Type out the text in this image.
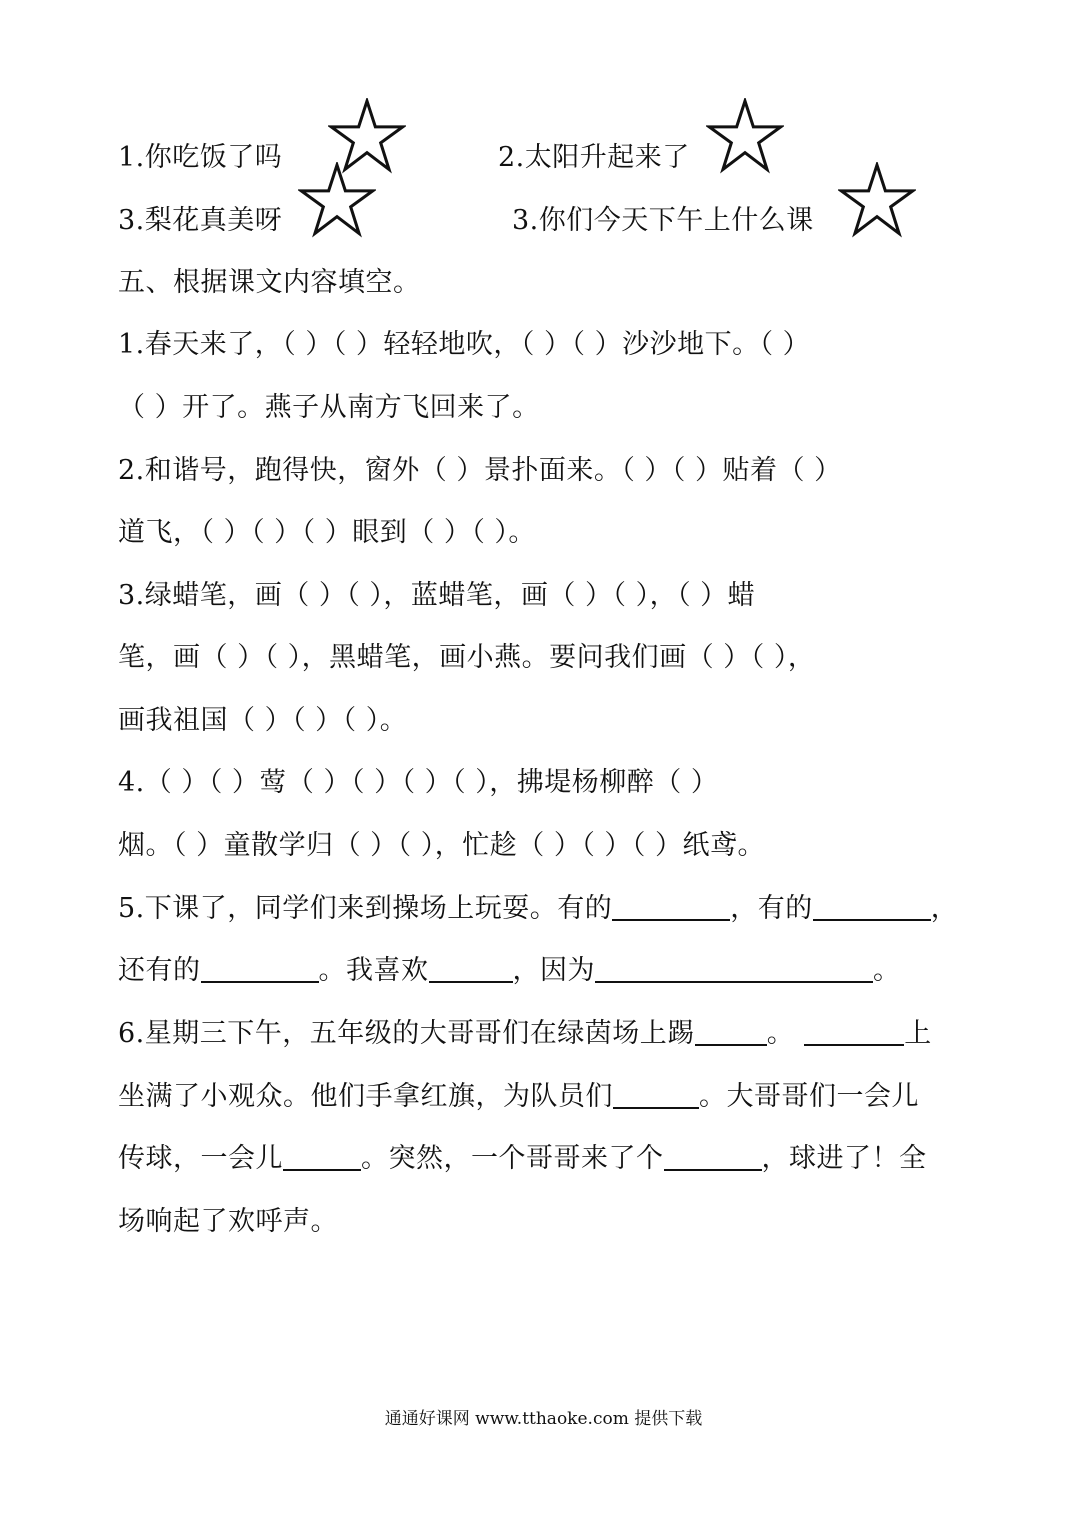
1.你吃饭了吗	2.太阳升起来了
3.梨花真美呀	3.你们今天下午上什么课
五、根据课文内容填空。
1.春天来了，（ ）（ ）轻轻地吹，（ ）（ ）沙沙地下。（ ）
（ ）开了。燕子从南方飞回来了。
2.和谐号，跑得快，窗外（ ）景扑面来。（ ）（ ）贴着（ ）
道飞，（ ）（ ）（ ）眼到（ ）（ ）。
3.绿蜡笔，画（ ）（ ），蓝蜡笔，画（ ）（ ），（ ）蜡
笔，画（ ）（ ），黑蜡笔，画小燕。要问我们画（ ）（ ），
画我祖国（ ）（ ）（ ）。
4.（ ）（ ）莺（ ）（ ）（ ）（ ），拂堤杨柳醉（ ）
烟。（ ）童散学归（ ）（ ），忙趁（ ）（ ）（ ）纸鸢。
5.下课了，同学们来到操场上玩耍。有的	，有的	，
还有的	。我喜欢	，因为	。
6.星期三下午，五年级的大哥哥们在绿茵场上踢	。	上
坐满了小观众。他们手拿红旗，为队员们	。大哥哥们一会儿
传球，一会儿	。突然，一个哥哥来了个	，球进了！全
场响起了欢呼声。
通通好课网 www.tthaoke.com 提供下载
